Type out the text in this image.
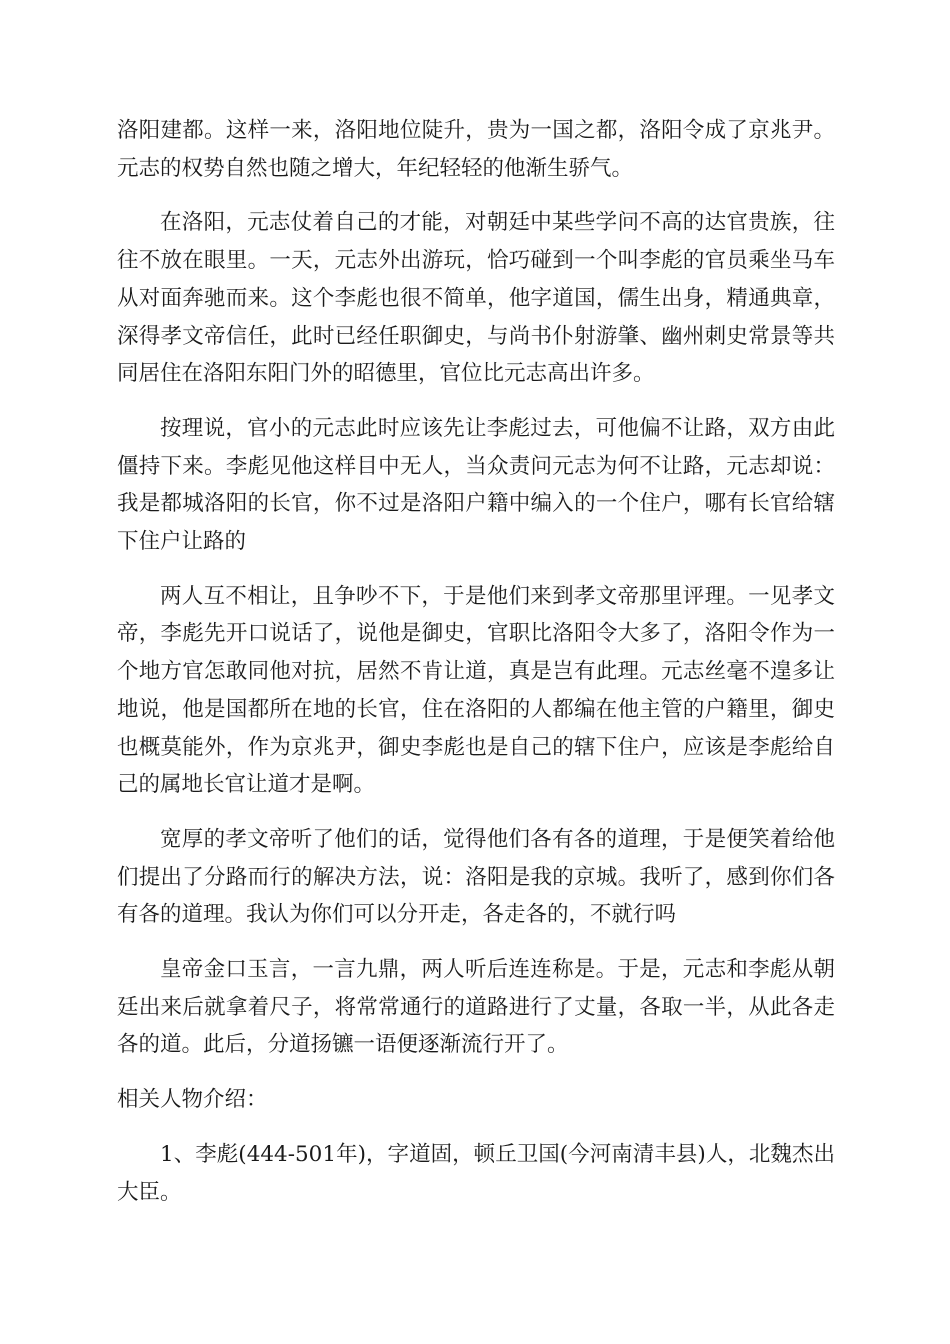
洛阳建都。这样一来，洛阳地位陡升，贵为一国之都，洛阳令成了京兆尹。元志的权势自然也随之增大，年纪轻轻的他渐生骄气。

在洛阳，元志仗着自己的才能，对朝廷中某些学问不高的达官贵族，往往不放在眼里。一天，元志外出游玩，恰巧碰到一个叫李彪的官员乘坐马车从对面奔驰而来。这个李彪也很不简单，他字道国，儒生出身，精通典章，深得孝文帝信任，此时已经任职御史，与尚书仆射游肇、幽州刺史常景等共同居住在洛阳东阳门外的昭德里，官位比元志高出许多。

按理说，官小的元志此时应该先让李彪过去，可他偏不让路，双方由此僵持下来。李彪见他这样目中无人，当众责问元志为何不让路，元志却说：我是都城洛阳的长官，你不过是洛阳户籍中编入的一个住户，哪有长官给辖下住户让路的

两人互不相让，且争吵不下，于是他们来到孝文帝那里评理。一见孝文帝，李彪先开口说话了，说他是御史，官职比洛阳令大多了，洛阳令作为一个地方官怎敢同他对抗，居然不肯让道，真是岂有此理。元志丝毫不遑多让地说，他是国都所在地的长官，住在洛阳的人都编在他主管的户籍里，御史也概莫能外，作为京兆尹，御史李彪也是自己的辖下住户，应该是李彪给自己的属地长官让道才是啊。

宽厚的孝文帝听了他们的话，觉得他们各有各的道理，于是便笑着给他们提出了分路而行的解决方法，说：洛阳是我的京城。我听了，感到你们各有各的道理。我认为你们可以分开走，各走各的，不就行吗

皇帝金口玉言，一言九鼎，两人听后连连称是。于是，元志和李彪从朝廷出来后就拿着尺子，将常常通行的道路进行了丈量，各取一半，从此各走各的道。此后，分道扬镳一语便逐渐流行开了。

相关人物介绍：

1、李彪(444-501年)，字道固，顿丘卫国(今河南清丰县)人，北魏杰出大臣。
